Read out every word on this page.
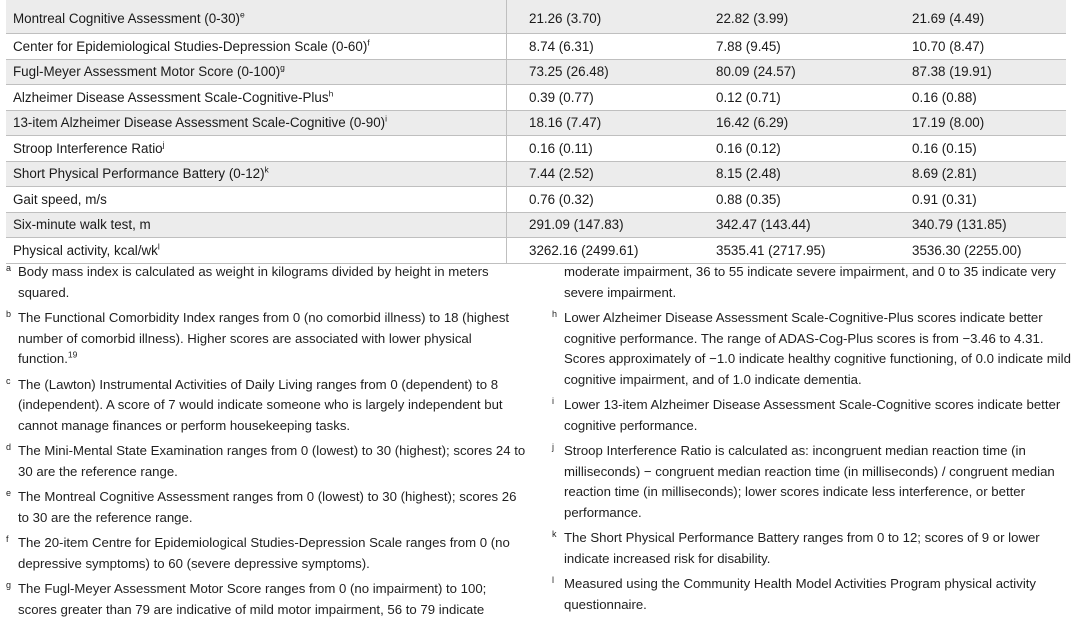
Montreal Cognitive Assessment $(0-30)^e$	21.26 (3.70)	22.82 (3.99)	21.69 (4.49)
Center for Epidemiological Studies-Depression Scale $(0-60)^f$	8.74 (6.31)	7.88 (9.45)	10.70 (8.47)
Fugl-Meyer Assessment Motor Score $(0-100)^g$	73.25 (26.48)	80.09 (24.57)	87.38 (19.91)
Alzheimer Disease Assessment Scale-Cognitive-Plus$^h$	0.39 (0.77)	0.12 (0.71)	0.16 (0.88)
13-item Alzheimer Disease Assessment Scale-Cognitive $(0-90)^i$	18.16 (7.47)	16.42 (6.29)	17.19 (8.00)
Stroop Interference Ratio$^j$	0.16 (0.11)	0.16 (0.12)	0.16 (0.15)
Short Physical Performance Battery $(0-12)^k$	7.44 (2.52)	8.15 (2.48)	8.69 (2.81)
Gait speed, m/s	0.76 (0.32)	0.88 (0.35)	0.91 (0.31)
Six-minute walk test, m	291.09 (147.83)	342.47 (143.44)	340.79 (131.85)
Physical activity, kcal/$wk^l$	3262.16 (2499.61)	3535.41 (2717.95)	3536.30 (2255.00)
a Body mass index is calculated as weight in kilograms divided by height in meters squared.
b The Functional Comorbidity Index ranges from 0 (no comorbid illness) to 18 (highest number of comorbid illness). Higher scores are associated with lower physical function.$^{19}$
c The (Lawton) Instrumental Activities of Daily Living ranges from 0 (dependent) to 8 (independent). A score of 7 would indicate someone who is largely independent but cannot manage finances or perform housekeeping tasks.
d The Mini-Mental State Examination ranges from 0 (lowest) to 30 (highest); scores 24 to 30 are the reference range.
e The Montreal Cognitive Assessment ranges from 0 (lowest) to 30 (highest); scores 26 to 30 are the reference range.
f The 20-item Centre for Epidemiological Studies-Depression Scale ranges from 0 (no depressive symptoms) to 60 (severe depressive symptoms).
g The Fugl-Meyer Assessment Motor Score ranges from 0 (no impairment) to 100; scores greater than 79 are indicative of mild motor impairment, 56 to 79 indicate
moderate impairment, 36 to 55 indicate severe impairment, and 0 to 35 indicate very severe impairment.
h Lower Alzheimer Disease Assessment Scale-Cognitive-Plus scores indicate better cognitive performance. The range of ADAS-Cog-Plus scores is from −3.46 to 4.31. Scores approximately of −1.0 indicate healthy cognitive functioning, of 0.0 indicate mild cognitive impairment, and of 1.0 indicate dementia.
i Lower 13-item Alzheimer Disease Assessment Scale-Cognitive scores indicate better cognitive performance.
j Stroop Interference Ratio is calculated as: incongruent median reaction time (in milliseconds) − congruent median reaction time (in milliseconds) / congruent median reaction time (in milliseconds); lower scores indicate less interference, or better performance.
k The Short Physical Performance Battery ranges from 0 to 12; scores of 9 or lower indicate increased risk for disability.
l Measured using the Community Health Model Activities Program physical activity questionnaire.
